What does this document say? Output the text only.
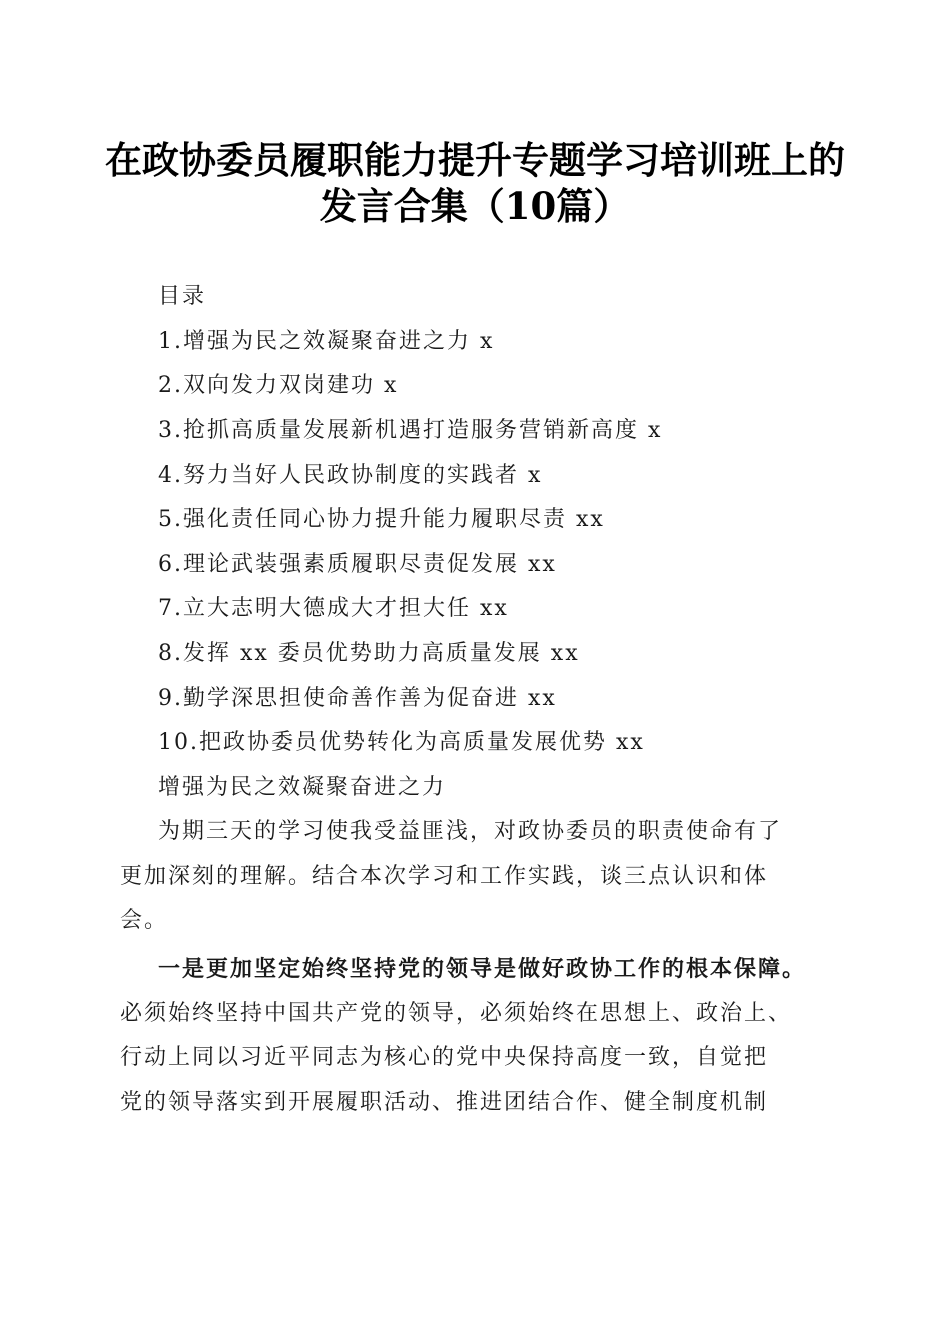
在政协委员履职能力提升专题学习培训班上的
发言合集（10篇）
目录
1.增强为民之效凝聚奋进之力 x
2.双向发力双岗建功 x
3.抢抓高质量发展新机遇打造服务营销新高度 x
4.努力当好人民政协制度的实践者 x
5.强化责任同心协力提升能力履职尽责 xx
6.理论武装强素质履职尽责促发展 xx
7.立大志明大德成大才担大任 xx
8.发挥 xx 委员优势助力高质量发展 xx
9.勤学深思担使命善作善为促奋进 xx
10.把政协委员优势转化为高质量发展优势 xx
增强为民之效凝聚奋进之力
为期三天的学习使我受益匪浅，对政协委员的职责使命有了
更加深刻的理解。结合本次学习和工作实践，谈三点认识和体
会。
一是更加坚定始终坚持党的领导是做好政协工作的根本保障。
必须始终坚持中国共产党的领导，必须始终在思想上、政治上、
行动上同以习近平同志为核心的党中央保持高度一致，自觉把
党的领导落实到开展履职活动、推进团结合作、健全制度机制
